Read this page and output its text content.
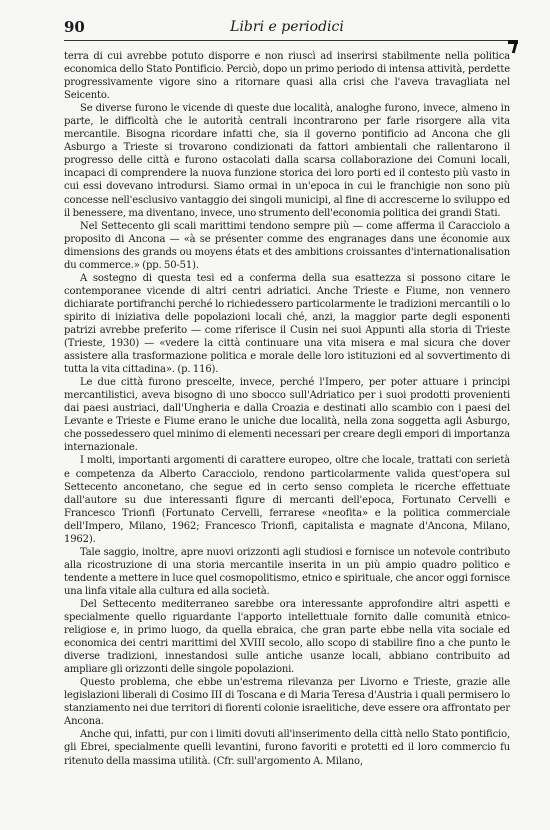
90	Libri e periodici

terra di cui avrebbe potuto disporre e non riuscì ad inserirsi stabilmente nella politica economica dello Stato Pontificio. Perciò, dopo un primo periodo di intensa attività, perdette progressivamente vigore sino a ritornare quasi alla crisi che l'aveva travagliata nel Seicento.

Se diverse furono le vicende di queste due località, analoghe furono, invece, almeno in parte, le difficoltà che le autorità centrali incontrarono per farle risorgere alla vita mercantile. Bisogna ricordare infatti che, sia il governo pontificio ad Ancona che gli Asburgo a Trieste si trovarono condizionati da fattori ambientali che rallentarono il progresso delle città e furono ostacolati dalla scarsa collaborazione dei Comuni locali, incapaci di comprendere la nuova funzione storica dei loro porti ed il contesto più vasto in cui essi dovevano introdursi. Siamo ormai in un'epoca in cui le franchigie non sono più concesse nell'esclusivo vantaggio dei singoli municipi, al fine di accrescerne lo sviluppo ed il benessere, ma diventano, invece, uno strumento dell'economia politica dei grandi Stati.

Nel Settecento gli scali marittimi tendono sempre più — come afferma il Caracciolo a proposito di Ancona — «à se présenter comme des engranages dans une économie aux dimensions des grands ou moyens états et des ambitions croissantes d'internationalisation du commerce.» (pp. 50-51).

A sostegno di questa tesi ed a conferma della sua esattezza si possono citare le contemporanee vicende di altri centri adriatici. Anche Trieste e Fiume, non vennero dichiarate portifranchi perché lo richiedessero particolarmente le tradizioni mercantili o lo spirito di iniziativa delle popolazioni locali ché, anzi, la maggior parte degli esponenti patrizi avrebbe preferito — come riferisce il Cusin nei suoi Appunti alla storia di Trieste (Trieste, 1930) — «vedere la città continuare una vita misera e mal sicura che dover assistere alla trasformazione politica e morale delle loro istituzioni ed al sovvertimento di tutta la vita cittadina». (p. 116).

Le due città furono prescelte, invece, perché l'Impero, per poter attuare i principi mercantilistici, aveva bisogno di uno sbocco sull'Adriatico per i suoi prodotti provenienti dai paesi austriaci, dall'Ungheria e dalla Croazia e destinati allo scambio con i paesi del Levante e Trieste e Fiume erano le uniche due località, nella zona soggetta agli Asburgo, che possedessero quel minimo di elementi necessari per creare degli empori di importanza internazionale.

I molti, importanti argomenti di carattere europeo, oltre che locale, trattati con serietà e competenza da Alberto Caracciolo, rendono particolarmente valida quest'opera sul Settecento anconetano, che segue ed in certo senso completa le ricerche effettuate dall'autore su due interessanti figure di mercanti dell'epoca, Fortunato Cervelli e Francesco Trionfi (Fortunato Cervelli, ferrarese «neofita» e la politica commerciale dell'Impero, Milano, 1962; Francesco Trionfi, capitalista e magnate d'Ancona, Milano, 1962).

Tale saggio, inoltre, apre nuovi orizzonti agli studiosi e fornisce un notevole contributo alla ricostruzione di una storia mercantile inserita in un più ampio quadro politico e tendente a mettere in luce quel cosmopolitismo, etnico e spirituale, che ancor oggi fornisce una linfa vitale alla cultura ed alla società.

Del Settecento mediterraneo sarebbe ora interessante approfondire altri aspetti e specialmente quello riguardante l'apporto intellettuale fornito dalle comunità etnico-religiose e, in primo luogo, da quella ebraica, che gran parte ebbe nella vita sociale ed economica dei centri marittimi del XVIII secolo, allo scopo di stabilire fino a che punto le diverse tradizioni, innestandosi sulle antiche usanze locali, abbiano contribuito ad ampliare gli orizzonti delle singole popolazioni.

Questo problema, che ebbe un'estrema rilevanza per Livorno e Trieste, grazie alle legislazioni liberali di Cosimo III di Toscana e di Maria Teresa d'Austria i quali permisero lo stanziamento nei due territori di fiorenti colonie israelitiche, deve essere ora affrontato per Ancona.

Anche qui, infatti, pur con i limiti dovuti all'inserimento della città nello Stato pontificio, gli Ebrei, specialmente quelli levantini, furono favoriti e protetti ed il loro commercio fu ritenuto della massima utilità. (Cfr. sull'argomento A. Milano,
